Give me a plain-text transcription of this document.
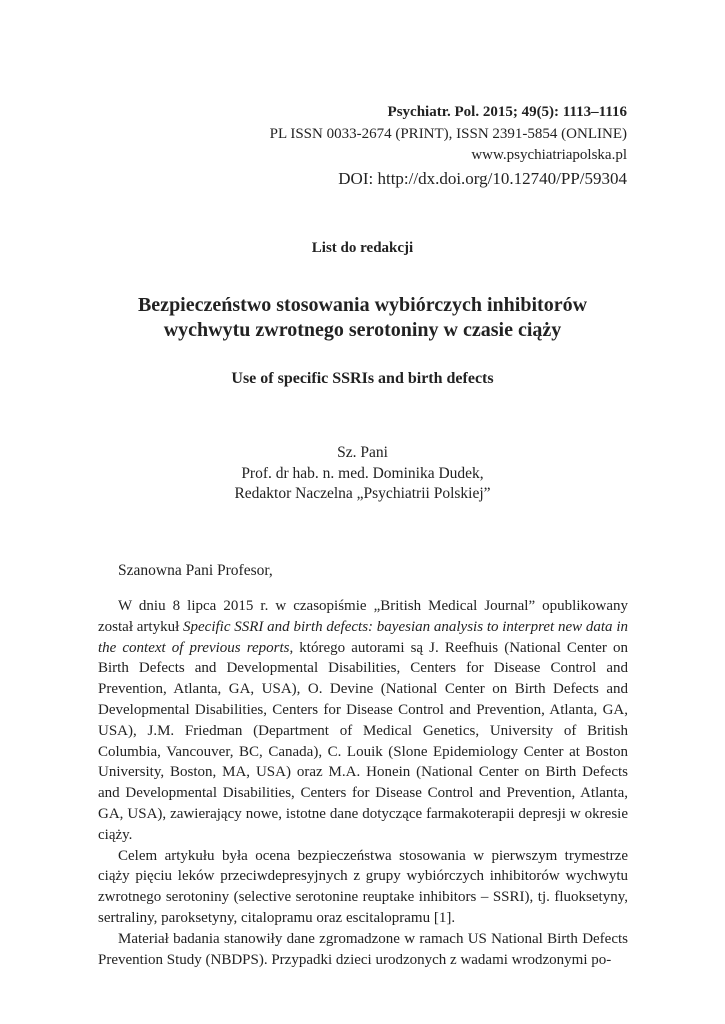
Psychiatr. Pol. 2015; 49(5): 1113–1116
PL ISSN 0033-2674 (PRINT), ISSN 2391-5854 (ONLINE)
www.psychiatriapolska.pl
DOI: http://dx.doi.org/10.12740/PP/59304
List do redakcji
Bezpieczeństwo stosowania wybiórczych inhibitorów
wychwytu zwrotnego serotoniny w czasie ciąży
Use of specific SSRIs and birth defects
Sz. Pani
Prof. dr hab. n. med. Dominika Dudek,
Redaktor Naczelna „Psychiatrii Polskiej”
Szanowna Pani Profesor,

W dniu 8 lipca 2015 r. w czasopiśmie „British Medical Journal” opublikowany został artykuł Specific SSRI and birth defects: bayesian analysis to interpret new data in the context of previous reports, którego autorami są J. Reefhuis (National Center on Birth Defects and Developmental Disabilities, Centers for Disease Control and Prevention, Atlanta, GA, USA), O. Devine (National Center on Birth Defects and Developmental Disabilities, Centers for Disease Control and Prevention, Atlanta, GA, USA), J.M. Friedman (Department of Medical Genetics, University of British Columbia, Vancouver, BC, Canada), C. Louik (Slone Epidemiology Center at Boston University, Boston, MA, USA) oraz M.A. Honein (National Center on Birth Defects and Developmental Disabilities, Centers for Disease Control and Prevention, Atlanta, GA, USA), zawierający nowe, istotne dane dotyczące farmakoterapii depresji w okresie ciąży.

Celem artykułu była ocena bezpieczeństwa stosowania w pierwszym trymestrze ciąży pięciu leków przeciwdepresyjnych z grupy wybiórczych inhibitorów wychwytu zwrotnego serotoniny (selective serotonine reuptake inhibitors – SSRI), tj. fluoksetyny, sertraliny, paroksetyny, citalopramu oraz escitalopramu [1].

Materiał badania stanowiły dane zgromadzone w ramach US National Birth Defects Prevention Study (NBDPS). Przypadki dzieci urodzonych z wadami wrodzonymi po-
